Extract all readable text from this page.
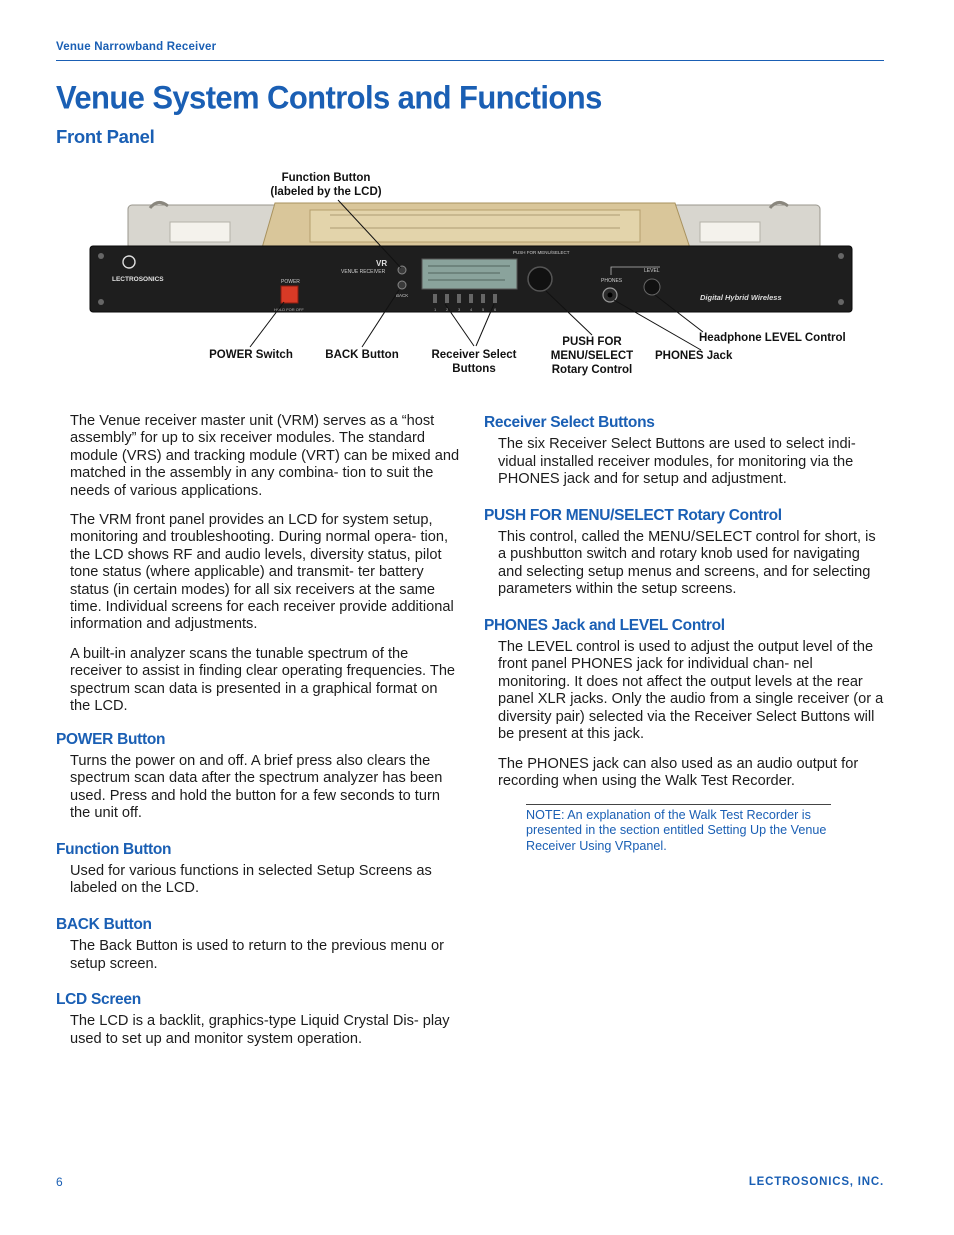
Venue Narrowband Receiver
Venue System Controls and Functions
Front Panel
LECTROSONICS
VR
VENUE RECEIVER
POWER
HOLD FOR OFF
BACK
PUSH FOR MENU/SELECT
PHONES
LEVEL
Digital Hybrid Wireless
1 2 3 4 5 6
Function Button
(labeled by the LCD)
POWER Switch	BACK Button	Receiver Select
Buttons
PUSH FOR
MENU/SELECT
Rotary Control
PHONES Jack
Headphone LEVEL Control

The Venue receiver master unit (VRM) serves as a “host assembly” for up to six receiver modules. The standard module (VRS) and tracking module (VRT) can be mixed and matched in the assembly in any combina- tion to suit the needs of various applications.

The VRM front panel provides an LCD for system setup, monitoring and troubleshooting. During normal opera- tion, the LCD shows RF and audio levels, diversity status, pilot tone status (where applicable) and transmit- ter battery status (in certain modes) for all six receivers at the same time. Individual screens for each receiver provide additional information and adjustments.

A built-in analyzer scans the tunable spectrum of the receiver to assist in finding clear operating frequencies. The spectrum scan data is presented in a graphical format on the LCD.

POWER Button

Turns the power on and off. A brief press also clears the spectrum scan data after the spectrum analyzer has been used. Press and hold the button for a few seconds to turn the unit off.

Function Button

Used for various functions in selected Setup Screens as labeled on the LCD.

BACK Button

The Back Button is used to return to the previous menu or setup screen.

LCD Screen

The LCD is a backlit, graphics-type Liquid Crystal Dis- play used to set up and monitor system operation.

Receiver Select Buttons

The six Receiver Select Buttons are used to select indi- vidual installed receiver modules, for monitoring via the PHONES jack and for setup and adjustment.

PUSH FOR MENU/SELECT Rotary Control

This control, called the MENU/SELECT control for short, is a pushbutton switch and rotary knob used for navigating and selecting setup menus and screens, and for selecting parameters within the setup screens.

PHONES Jack and LEVEL Control

The LEVEL control is used to adjust the output level of the front panel PHONES jack for individual chan- nel monitoring. It does not affect the output levels at the rear panel XLR jacks. Only the audio from a single receiver (or a diversity pair) selected via the Receiver Select Buttons will be present at this jack.

The PHONES jack can also used as an audio output for recording when using the Walk Test Recorder.

NOTE: An explanation of the Walk Test Recorder is presented in the section entitled Setting Up the Venue Receiver Using VRpanel.
6	LECTROSONICS, INC.
